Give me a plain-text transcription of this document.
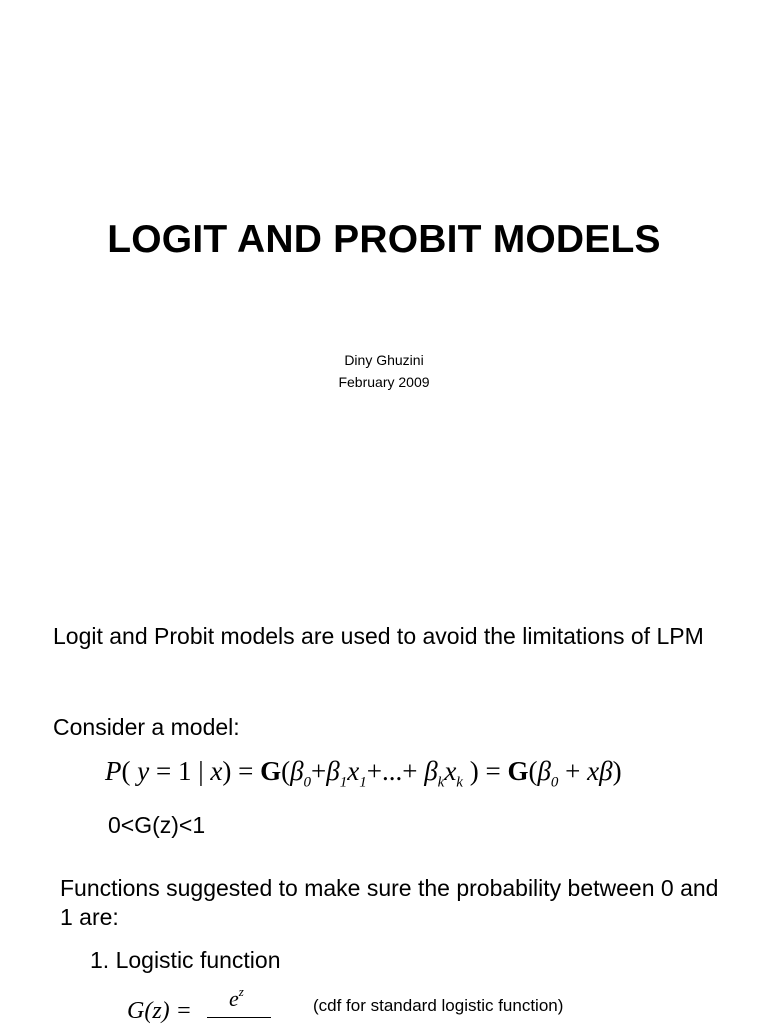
LOGIT AND PROBIT MODELS
Diny Ghuzini
February 2009
Logit and Probit models are used to avoid the limitations of LPM
Consider a model:
P( y = 1 | $x) = G(\beta_0+\beta_1x_1+...+ \beta_kx_k$ ) = $G(\beta_0 + x\beta)$
0<G(z)<1
Functions suggested to make sure the probability between 0 and 1 are:
1. Logistic function
$G(z) = e^z$
(cdf for standard logistic function)
